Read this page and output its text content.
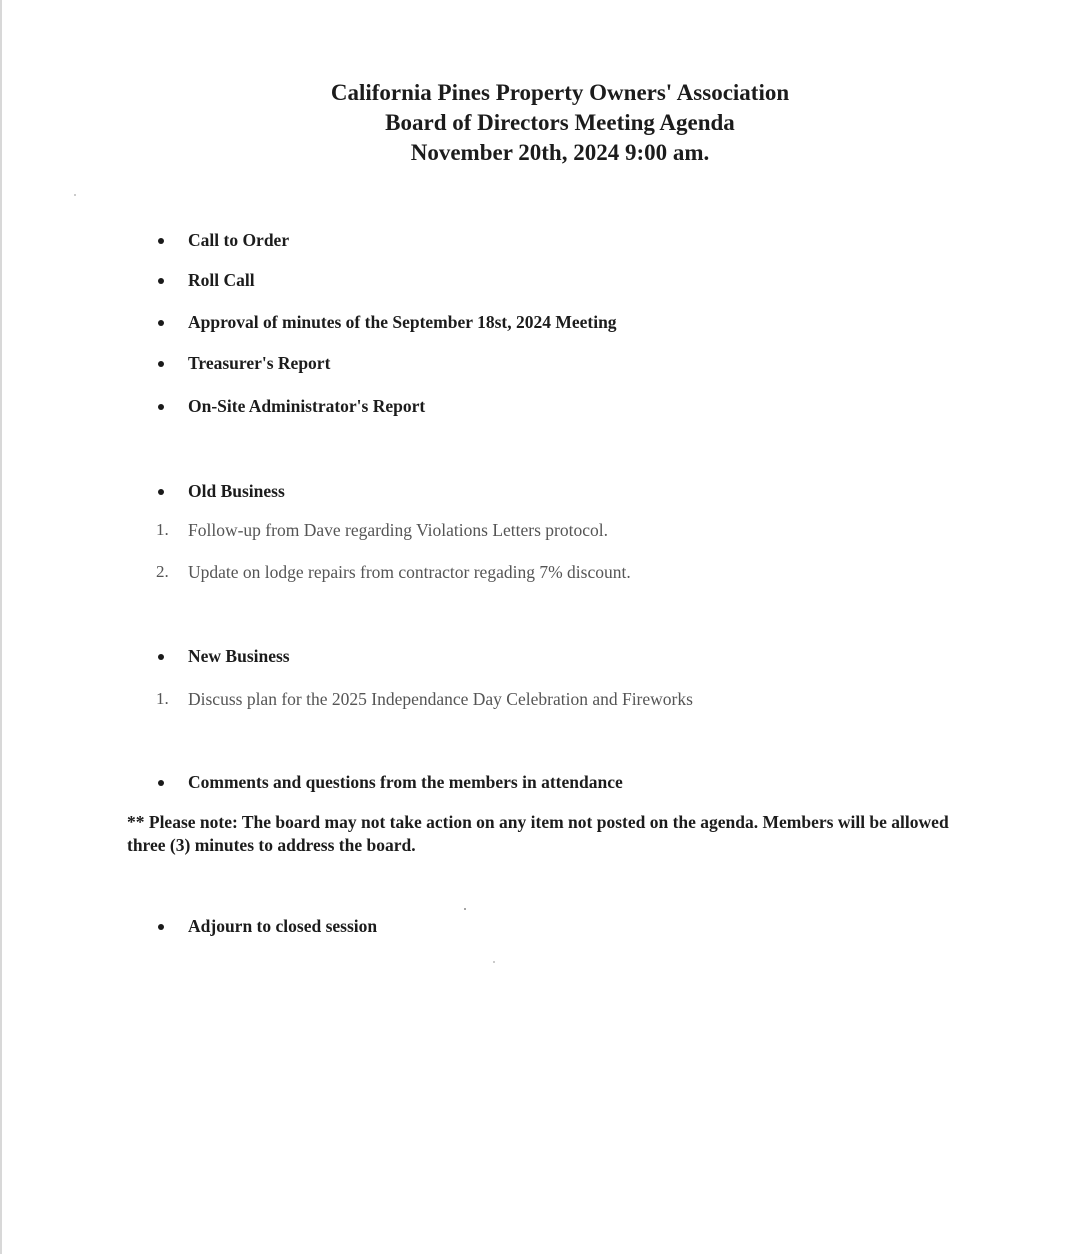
California Pines Property Owners' Association
Board of Directors Meeting Agenda
November 20th, 2024 9:00 am.
Call to Order
Roll Call
Approval of minutes of the September 18st, 2024 Meeting
Treasurer's Report
On-Site Administrator's Report
Old Business
1. Follow-up from Dave regarding Violations Letters protocol.
2. Update on lodge repairs from contractor regading 7% discount.
New Business
1. Discuss plan for the 2025 Independance Day Celebration and Fireworks
Comments and questions from the members in attendance
** Please note: The board may not take action on any item not posted on the agenda. Members will be allowed three (3) minutes to address the board.
Adjourn to closed session
